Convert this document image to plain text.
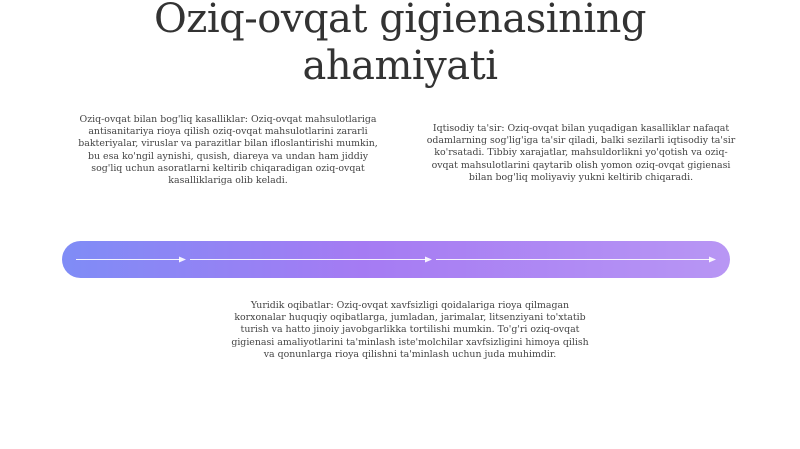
Oziq-ovqat gigienasining ahamiyati

Oziq-ovqat bilan bog'liq kasalliklar: Oziq-ovqat mahsulotlariga antisanitariya rioya qilish oziq-ovqat mahsulotlarini zararli bakteriyalar, viruslar va parazitlar bilan ifloslantirishi mumkin, bu esa ko'ngil aynishi, qusish, diareya va undan ham jiddiy sog'liq uchun asoratlarni keltirib chiqaradigan oziq-ovqat kasalliklariga olib keladi.

Iqtisodiy ta'sir: Oziq-ovqat bilan yuqadigan kasalliklar nafaqat odamlarning sog'lig'iga ta'sir qiladi, balki sezilarli iqtisodiy ta'sir ko'rsatadi. Tibbiy xarajatlar, mahsuldorlikni yo'qotish va oziq-ovqat mahsulotlarini qaytarib olish yomon oziq-ovqat gigienasi bilan bog'liq moliyaviy yukni keltirib chiqaradi.

Yuridik oqibatlar: Oziq-ovqat xavfsizligi qoidalariga rioya qilmagan korxonalar huquqiy oqibatlarga, jumladan, jarimalar, litsenziyani to'xtatib turish va hatto jinoiy javobgarlikka tortilishi mumkin. To'g'ri oziq-ovqat gigienasi amaliyotlarini ta'minlash iste'molchilar xavfsizligini himoya qilish va qonunlarga rioya qilishni ta'minlash uchun juda muhimdir.
